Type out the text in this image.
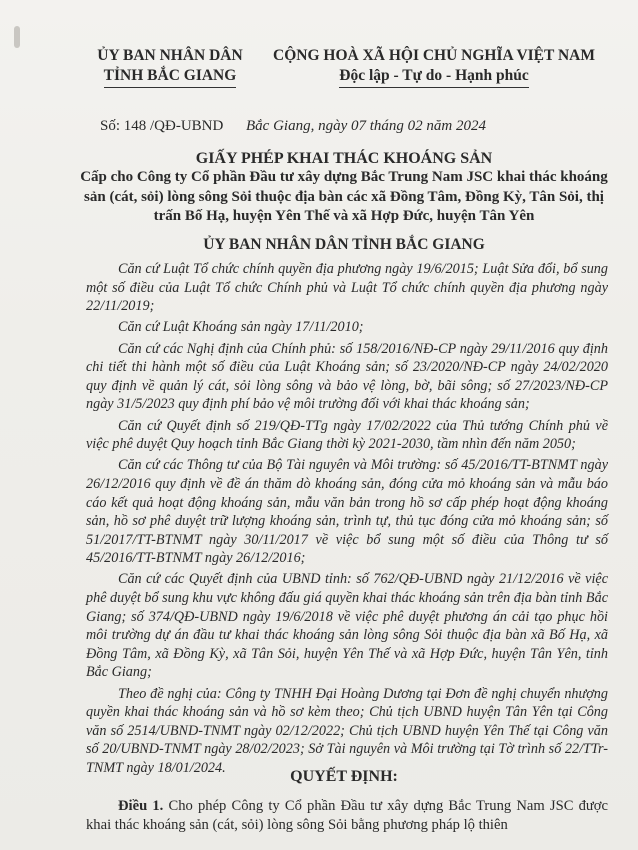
ỦY BAN NHÂN DÂN
TỈNH BẮC GIANG
CỘNG HOÀ XÃ HỘI CHỦ NGHĨA VIỆT NAM
Độc lập - Tự do - Hạnh phúc
Số: 148 /QĐ-UBND Bắc Giang, ngày 07 tháng 02 năm 2024
GIẤY PHÉP KHAI THÁC KHOÁNG SẢN
Cấp cho Công ty Cổ phần Đầu tư xây dựng Bắc Trung Nam JSC khai thác khoáng sản (cát, sỏi) lòng sông Sỏi thuộc địa bàn các xã Đồng Tâm, Đồng Kỳ, Tân Sỏi, thị trấn Bố Hạ, huyện Yên Thế và xã Hợp Đức, huyện Tân Yên
ỦY BAN NHÂN DÂN TỈNH BẮC GIANG

Căn cứ Luật Tổ chức chính quyền địa phương ngày 19/6/2015; Luật Sửa đổi, bổ sung một số điều của Luật Tổ chức Chính phủ và Luật Tổ chức chính quyền địa phương ngày 22/11/2019;

Căn cứ Luật Khoáng sản ngày 17/11/2010;

Căn cứ các Nghị định của Chính phủ: số 158/2016/NĐ-CP ngày 29/11/2016 quy định chi tiết thi hành một số điều của Luật Khoáng sản; số 23/2020/NĐ-CP ngày 24/02/2020 quy định về quản lý cát, sỏi lòng sông và bảo vệ lòng, bờ, bãi sông; số 27/2023/NĐ-CP ngày 31/5/2023 quy định phí bảo vệ môi trường đối với khai thác khoáng sản;

Căn cứ Quyết định số 219/QĐ-TTg ngày 17/02/2022 của Thủ tướng Chính phủ về việc phê duyệt Quy hoạch tỉnh Bắc Giang thời kỳ 2021-2030, tầm nhìn đến năm 2050;

Căn cứ các Thông tư của Bộ Tài nguyên và Môi trường: số 45/2016/TT-BTNMT ngày 26/12/2016 quy định về đề án thăm dò khoáng sản, đóng cửa mỏ khoáng sản và mẫu báo cáo kết quả hoạt động khoáng sản, mẫu văn bản trong hồ sơ cấp phép hoạt động khoáng sản, hồ sơ phê duyệt trữ lượng khoáng sản, trình tự, thủ tục đóng cửa mỏ khoáng sản; số 51/2017/TT-BTNMT ngày 30/11/2017 về việc bổ sung một số điều của Thông tư số 45/2016/TT-BTNMT ngày 26/12/2016;

Căn cứ các Quyết định của UBND tỉnh: số 762/QĐ-UBND ngày 21/12/2016 về việc phê duyệt bổ sung khu vực không đấu giá quyền khai thác khoáng sản trên địa bàn tỉnh Bắc Giang; số 374/QĐ-UBND ngày 19/6/2018 về việc phê duyệt phương án cải tạo phục hồi môi trường dự án đầu tư khai thác khoáng sản lòng sông Sỏi thuộc địa bàn xã Bố Hạ, xã Đồng Tâm, xã Đồng Kỳ, xã Tân Sỏi, huyện Yên Thế và xã Hợp Đức, huyện Tân Yên, tỉnh Bắc Giang;

Theo đề nghị của: Công ty TNHH Đại Hoàng Dương tại Đơn đề nghị chuyển nhượng quyền khai thác khoáng sản và hồ sơ kèm theo; Chủ tịch UBND huyện Tân Yên tại Công văn số 2514/UBND-TNMT ngày 02/12/2022; Chủ tịch UBND huyện Yên Thế tại Công văn số 20/UBND-TNMT ngày 28/02/2023; Sở Tài nguyên và Môi trường tại Tờ trình số 22/TTr-TNMT ngày 18/01/2024.	QUYẾT ĐỊNH:

Điều 1. Cho phép Công ty Cổ phần Đầu tư xây dựng Bắc Trung Nam JSC được khai thác khoáng sản (cát, sỏi) lòng sông Sỏi bằng phương pháp lộ thiên
